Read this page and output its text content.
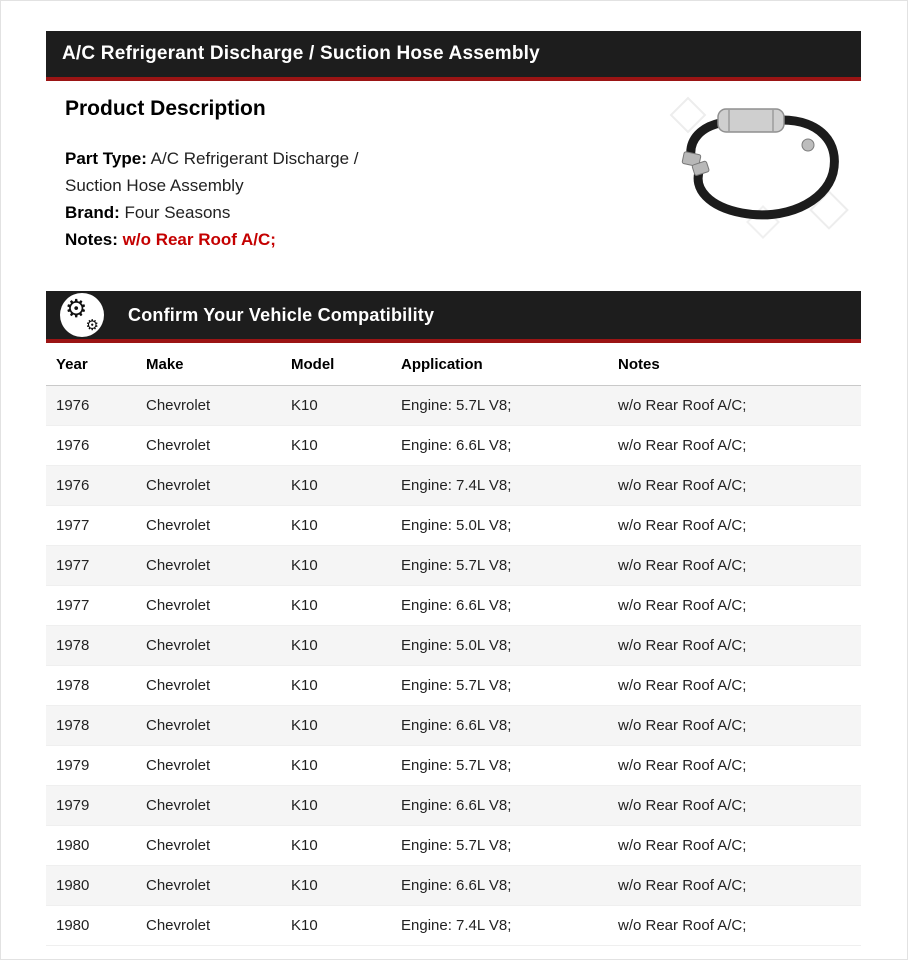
A/C Refrigerant Discharge / Suction Hose Assembly
Product Description

Part Type: A/C Refrigerant Discharge / Suction Hose Assembly

Brand: Four Seasons

Notes: w/o Rear Roof A/C;

⚙
⚙
Confirm Your Vehicle Compatibility
Year	Make	Model	Application	Notes
1976	Chevrolet	K10	Engine: 5.7L V8;	w/o Rear Roof A/C;
1976	Chevrolet	K10	Engine: 6.6L V8;	w/o Rear Roof A/C;
1976	Chevrolet	K10	Engine: 7.4L V8;	w/o Rear Roof A/C;
1977	Chevrolet	K10	Engine: 5.0L V8;	w/o Rear Roof A/C;
1977	Chevrolet	K10	Engine: 5.7L V8;	w/o Rear Roof A/C;
1977	Chevrolet	K10	Engine: 6.6L V8;	w/o Rear Roof A/C;
1978	Chevrolet	K10	Engine: 5.0L V8;	w/o Rear Roof A/C;
1978	Chevrolet	K10	Engine: 5.7L V8;	w/o Rear Roof A/C;
1978	Chevrolet	K10	Engine: 6.6L V8;	w/o Rear Roof A/C;
1979	Chevrolet	K10	Engine: 5.7L V8;	w/o Rear Roof A/C;
1979	Chevrolet	K10	Engine: 6.6L V8;	w/o Rear Roof A/C;
1980	Chevrolet	K10	Engine: 5.7L V8;	w/o Rear Roof A/C;
1980	Chevrolet	K10	Engine: 6.6L V8;	w/o Rear Roof A/C;
1980	Chevrolet	K10	Engine: 7.4L V8;	w/o Rear Roof A/C;
